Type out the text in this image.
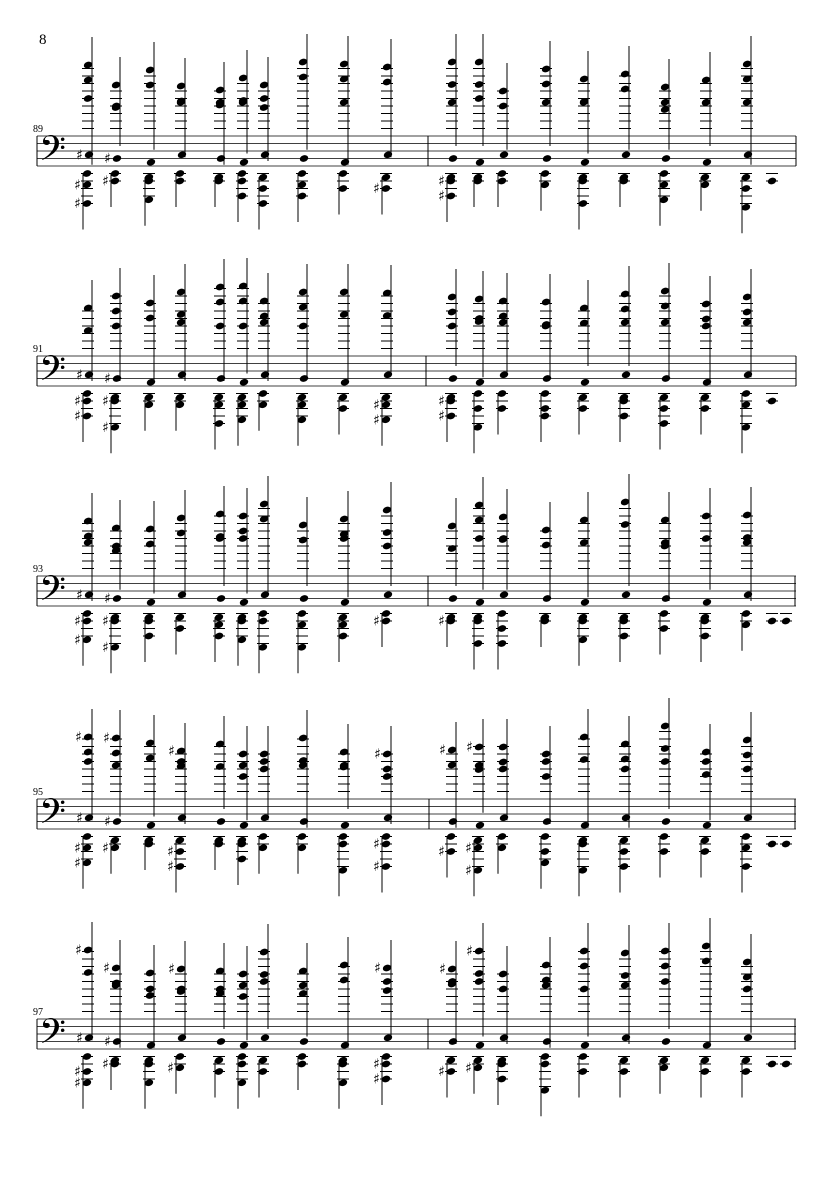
8
𝄢
89
♯
♯
♯
♯
♯	♯	♯
♯
𝄢
91
♯
♯
♯
♯
♯
♯
♯
♯
♯
♯
𝄢
93
♯
♯
♯
♯
♯
♯
♯	♯
𝄢
95
♯
♯
♯
♯
♯
♯
♯
♯
♯
♯
♯
♯
♯
♯
♯
♯
♯
♯
𝄢
97
♯
♯
♯
♯
♯
♯
♯
♯
♯
♯
♯
♯
♯
♯
♯
♯
